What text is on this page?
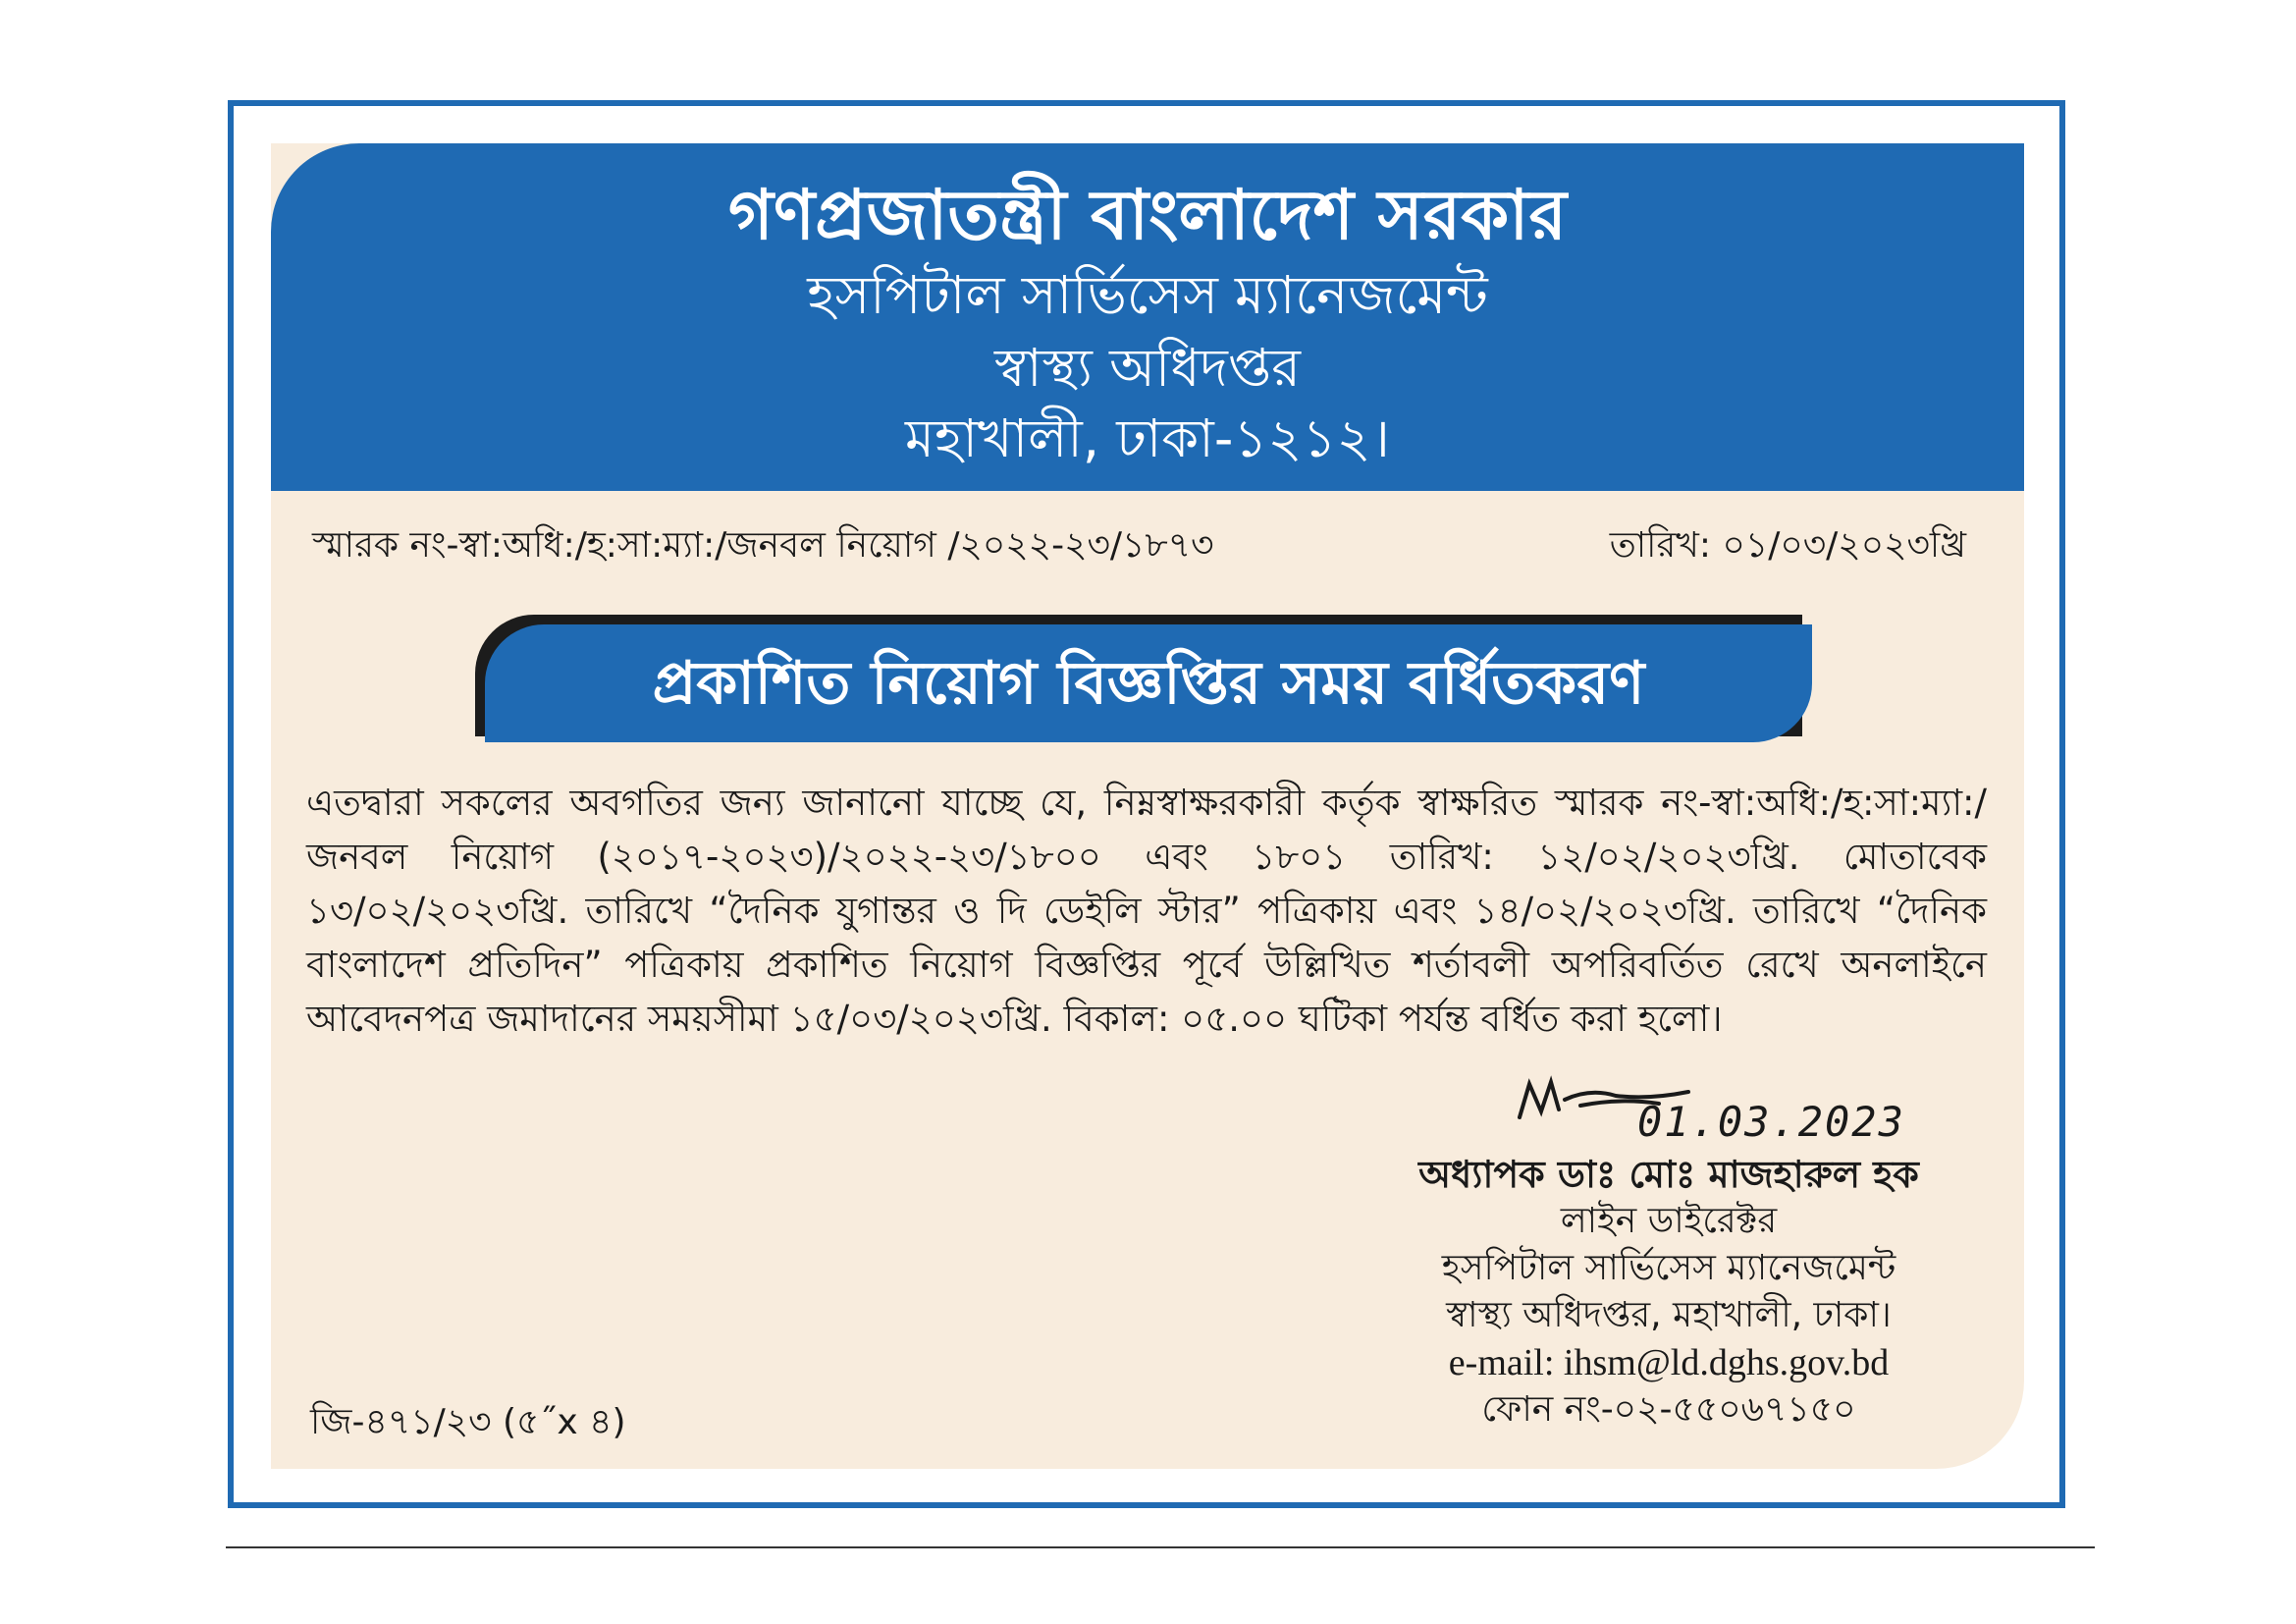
গণপ্রজাতন্ত্রী বাংলাদেশ সরকার
হসপিটাল সার্ভিসেস ম্যানেজমেন্ট
স্বাস্থ্য অধিদপ্তর
মহাখালী, ঢাকা-১২১২।
স্মারক নং-স্বা:অধি:/হ:সা:ম্যা:/জনবল নিয়োগ /২০২২-২৩/১৮৭৩	তারিখ: ০১/০৩/২০২৩খ্রি
প্রকাশিত নিয়োগ বিজ্ঞপ্তির সময় বর্ধিতকরণ
এতদ্বারা সকলের অবগতির জন্য জানানো যাচ্ছে যে, নিম্নস্বাক্ষরকারী কর্তৃক স্বাক্ষরিত স্মারক নং-স্বা:অধি:/হ:সা:ম্যা:/জনবল নিয়োগ (২০১৭-২০২৩)/২০২২-২৩/১৮০০ এবং ১৮০১ তারিখ: ১২/০২/২০২৩খ্রি. মোতাবেক ১৩/০২/২০২৩খ্রি. তারিখে “দৈনিক যুগান্তর ও দি ডেইলি স্টার” পত্রিকায় এবং ১৪/০২/২০২৩খ্রি. তারিখে “দৈনিক বাংলাদেশ প্রতিদিন” পত্রিকায় প্রকাশিত নিয়োগ বিজ্ঞপ্তির পূর্বে উল্লিখিত শর্তাবলী অপরিবর্তিত রেখে অনলাইনে আবেদনপত্র জমাদানের সময়সীমা ১৫/০৩/২০২৩খ্রি. বিকাল: ০৫.০০ ঘটিকা পর্যন্ত বর্ধিত করা হলো।
01.03.2023
অধ্যাপক ডাঃ মোঃ মাজহারুল হক
লাইন ডাইরেক্টর
হসপিটাল সার্ভিসেস ম্যানেজমেন্ট
স্বাস্থ্য অধিদপ্তর, মহাখালী, ঢাকা।
e-mail: ihsm@ld.dghs.gov.bd
ফোন নং-০২-৫৫০৬৭১৫০
জি-৪৭১/২৩ (৫˝x ৪)
